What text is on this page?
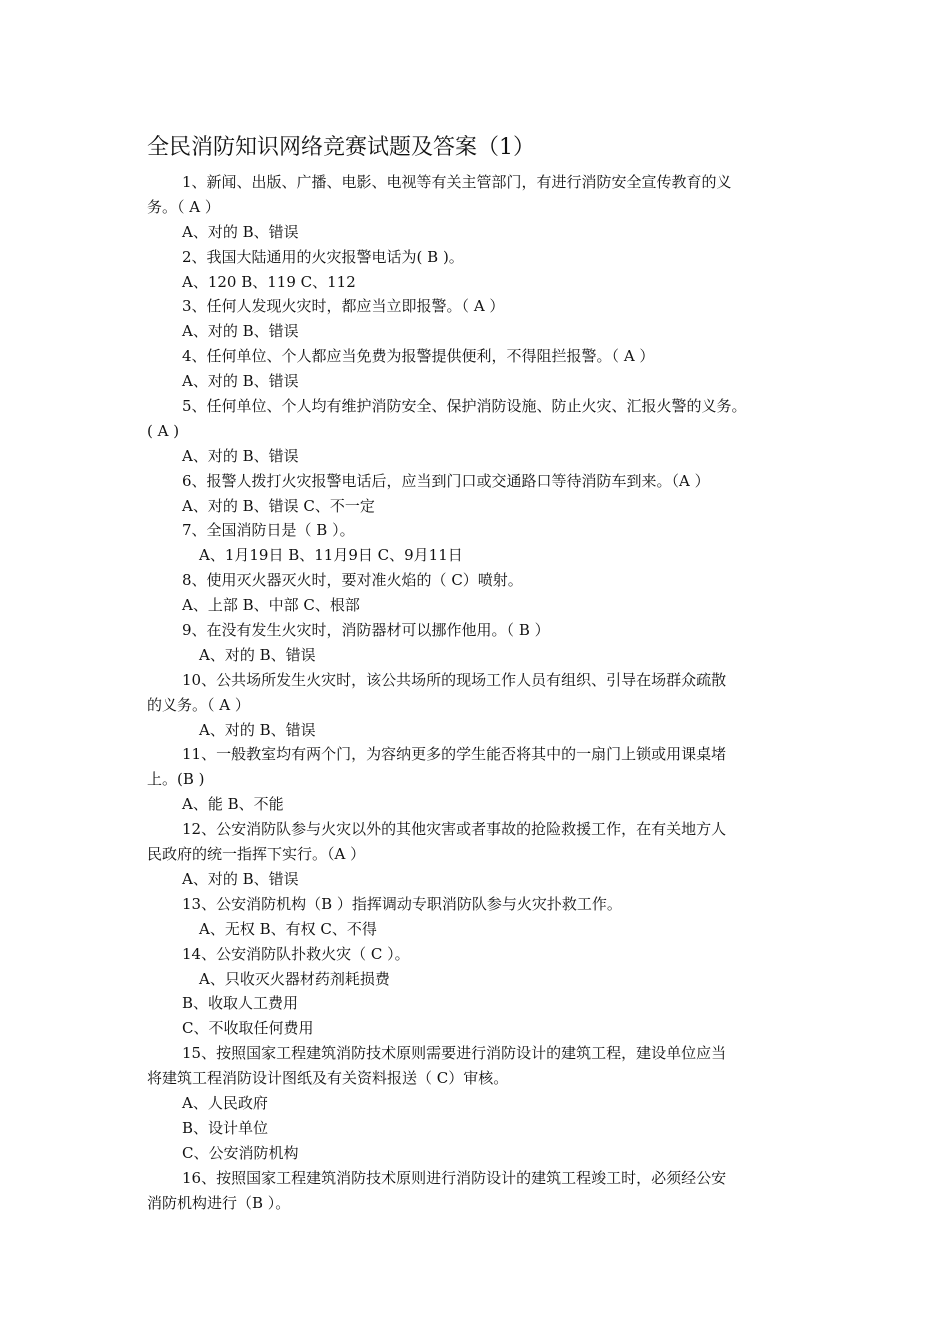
全民消防知识网络竞赛试题及答案（1）
1、新闻、出版、广播、电影、电视等有关主管部门，有进行消防安全宣传教育的义
务。（ A ）
A、对的 B、错误
2、我国大陆通用的火灾报警电话为( B )。
A、120 B、119 C、112
3、任何人发现火灾时，都应当立即报警。（ A ）
A、对的 B、错误
4、任何单位、个人都应当免费为报警提供便利，不得阻拦报警。（ A ）
A、对的 B、错误
5、任何单位、个人均有维护消防安全、保护消防设施、防止火灾、汇报火警的义务。
( A )
A、对的 B、错误
6、报警人拨打火灾报警电话后，应当到门口或交通路口等待消防车到来。（A ）
A、对的 B、错误 C、不一定
7、全国消防日是（ B ）。
A、1月19日 B、11月9日 C、9月11日
8、使用灭火器灭火时，要对准火焰的（ C）喷射。
A、上部 B、中部 C、根部
9、在没有发生火灾时，消防器材可以挪作他用。（ B ）
A、对的 B、错误
10、公共场所发生火灾时，该公共场所的现场工作人员有组织、引导在场群众疏散
的义务。（ A ）
A、对的 B、错误
11、一般教室均有两个门，为容纳更多的学生能否将其中的一扇门上锁或用课桌堵
上。(B )
A、能 B、不能
12、公安消防队参与火灾以外的其他灾害或者事故的抢险救援工作，在有关地方人
民政府的统一指挥下实行。（A ）
A、对的 B、错误
13、公安消防机构（B ）指挥调动专职消防队参与火灾扑救工作。
A、无权 B、有权 C、不得
14、公安消防队扑救火灾（ C ）。
A、只收灭火器材药剂耗损费
B、收取人工费用
C、不收取任何费用
15、按照国家工程建筑消防技术原则需要进行消防设计的建筑工程，建设单位应当
将建筑工程消防设计图纸及有关资料报送（ C）审核。
A、人民政府
B、设计单位
C、公安消防机构
16、按照国家工程建筑消防技术原则进行消防设计的建筑工程竣工时，必须经公安
消防机构进行（B ）。
